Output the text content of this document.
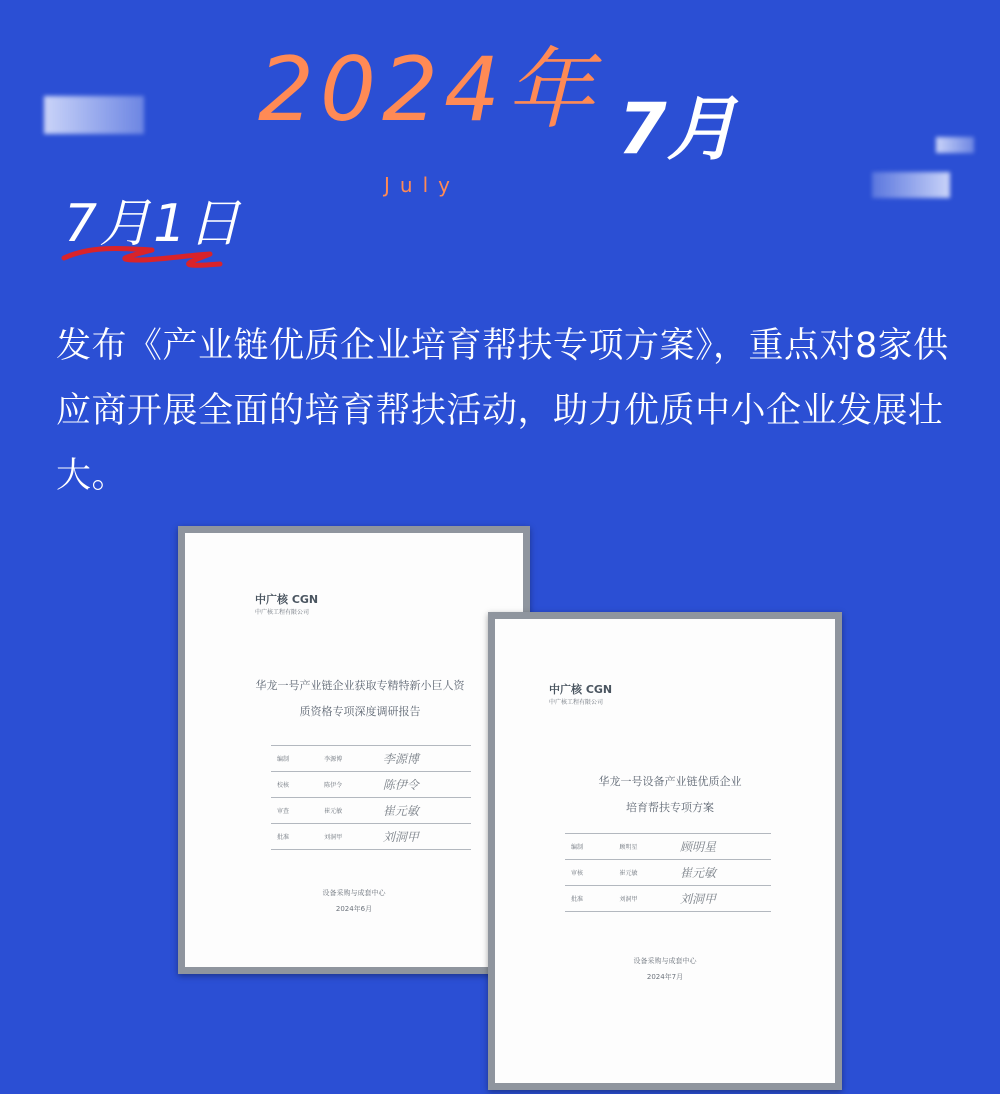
2024年 7月
July
7月1日
发布《产业链优质企业培育帮扶专项方案》，重点对8家供应商开展全面的培育帮扶活动，助力优质中小企业发展壮大。
中广核 CGN
中广核工程有限公司
华龙一号产业链企业获取专精特新小巨人资
质资格专项深度调研报告
编制	李源博	李源博
校核	陈伊令	陈伊令
审查	崔元敏	崔元敏
批准	刘洞甲	刘洞甲
设备采购与成套中心
2024年6月
中广核 CGN
中广核工程有限公司
华龙一号设备产业链优质企业
培育帮扶专项方案
编制	顾明星	顾明星
审核	崔元敏	崔元敏
批准	刘洞甲	刘洞甲
设备采购与成套中心
2024年7月
